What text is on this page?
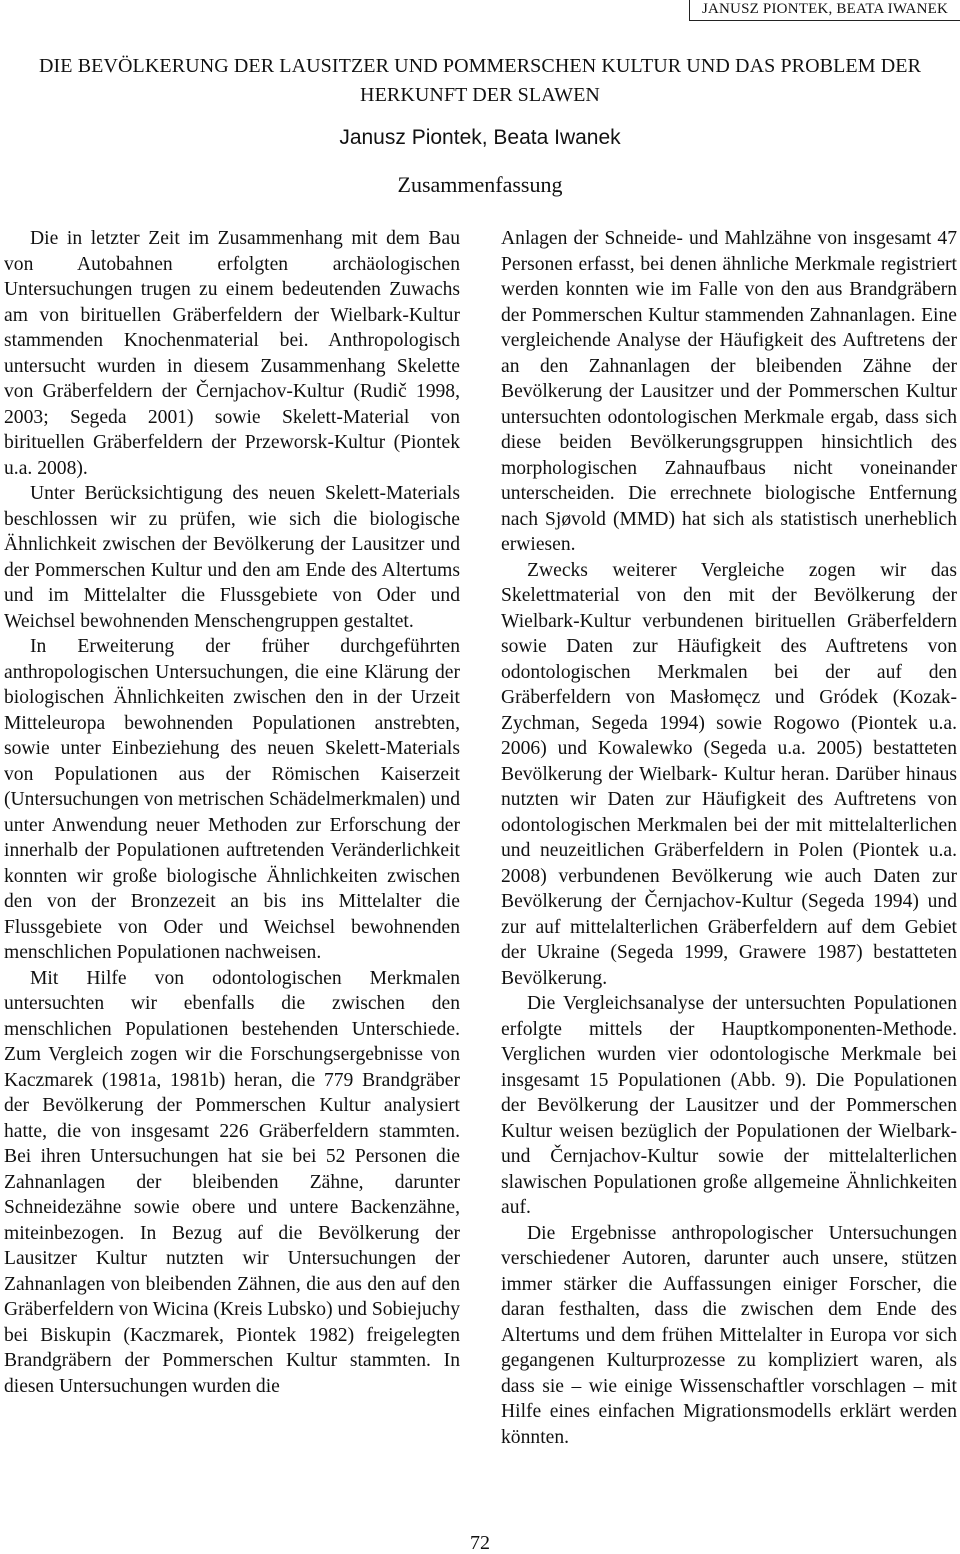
JANUSZ PIONTEK, BEATA IWANEK
DIE BEVÖLKERUNG DER LAUSITZER UND POMMERSCHEN KULTUR UND DAS PROBLEM DER HERKUNFT DER SLAWEN
Janusz Piontek, Beata Iwanek
Zusammenfassung

Die in letzter Zeit im Zusammenhang mit dem Bau von Autobahnen erfolgten archäologischen Untersuchungen trugen zu einem bedeutenden Zuwachs am von birituellen Gräberfeldern der Wielbark-Kultur stammenden Knochenmaterial bei. Anthropologisch untersucht wurden in diesem Zusammenhang Skelette von Gräberfeldern der Černjachov-Kultur (Rudič 1998, 2003; Segeda 2001) sowie Skelett-Material von birituellen Gräberfeldern der Przeworsk-Kultur (Piontek u.a. 2008).

Unter Berücksichtigung des neuen Skelett-Materials beschlossen wir zu prüfen, wie sich die biologische Ähnlichkeit zwischen der Bevölkerung der Lausitzer und der Pommerschen Kultur und den am Ende des Altertums und im Mittelalter die Flussgebiete von Oder und Weichsel bewohnenden Menschengruppen gestaltet.

In Erweiterung der früher durchgeführten anthropologischen Untersuchungen, die eine Klärung der biologischen Ähnlichkeiten zwischen den in der Urzeit Mitteleuropa bewohnenden Populationen anstrebten, sowie unter Einbeziehung des neuen Skelett-Materials von Populationen aus der Römischen Kaiserzeit (Untersuchungen von metrischen Schädelmerkmalen) und unter Anwendung neuer Methoden zur Erforschung der innerhalb der Populationen auftretenden Veränderlichkeit konnten wir große biologische Ähnlichkeiten zwischen den von der Bronzezeit an bis ins Mittelalter die Flussgebiete von Oder und Weichsel bewohnenden menschlichen Populationen nachweisen.

Mit Hilfe von odontologischen Merkmalen untersuchten wir ebenfalls die zwischen den menschlichen Populationen bestehenden Unterschiede. Zum Vergleich zogen wir die Forschungsergebnisse von Kaczmarek (1981a, 1981b) heran, die 779 Brandgräber der Bevölkerung der Pommerschen Kultur analysiert hatte, die von insgesamt 226 Gräberfeldern stammten. Bei ihren Untersuchungen hat sie bei 52 Personen die Zahnanlagen der bleibenden Zähne, darunter Schneidezähne sowie obere und untere Backenzähne, miteinbezogen. In Bezug auf die Bevölkerung der Lausitzer Kultur nutzten wir Untersuchungen der Zahnanlagen von bleibenden Zähnen, die aus den auf den Gräberfeldern von Wicina (Kreis Lubsko) und Sobiejuchy bei Biskupin (Kaczmarek, Piontek 1982) freigelegten Brandgräbern der Pommerschen Kultur stammten. In diesen Untersuchungen wurden die

Anlagen der Schneide- und Mahlzähne von insgesamt 47 Personen erfasst, bei denen ähnliche Merkmale registriert werden konnten wie im Falle von den aus Brandgräbern der Pommerschen Kultur stammenden Zahnanlagen. Eine vergleichende Analyse der Häufigkeit des Auftretens der an den Zahnanlagen der bleibenden Zähne der Bevölkerung der Lausitzer und der Pommerschen Kultur untersuchten odontologischen Merkmale ergab, dass sich diese beiden Bevölkerungsgruppen hinsichtlich des morphologischen Zahnaufbaus nicht voneinander unterscheiden. Die errechnete biologische Entfernung nach Sjøvold (MMD) hat sich als statistisch unerheblich erwiesen.

Zwecks weiterer Vergleiche zogen wir das Skelettmaterial von den mit der Bevölkerung der Wielbark-Kultur verbundenen birituellen Gräberfeldern sowie Daten zur Häufigkeit des Auftretens von odontologischen Merkmalen bei der auf den Gräberfeldern von Masłomęcz und Gródek (Kozak-Zychman, Segeda 1994) sowie Rogowo (Piontek u.a. 2006) und Kowalewko (Segeda u.a. 2005) bestatteten Bevölkerung der Wielbark- Kultur heran. Darüber hinaus nutzten wir Daten zur Häufigkeit des Auftretens von odontologischen Merkmalen bei der mit mittelalterlichen und neuzeitlichen Gräberfeldern in Polen (Piontek u.a. 2008) verbundenen Bevölkerung wie auch Daten zur Bevölkerung der Černjachov-Kultur (Segeda 1994) und zur auf mittelalterlichen Gräberfeldern auf dem Gebiet der Ukraine (Segeda 1999, Grawere 1987) bestatteten Bevölkerung.

Die Vergleichsanalyse der untersuchten Populationen erfolgte mittels der Hauptkomponenten-Methode. Verglichen wurden vier odontologische Merkmale bei insgesamt 15 Populationen (Abb. 9). Die Populationen der Bevölkerung der Lausitzer und der Pommerschen Kultur weisen bezüglich der Populationen der Wielbark- und Černjachov-Kultur sowie der mittelalterlichen slawischen Populationen große allgemeine Ähnlichkeiten auf.

Die Ergebnisse anthropologischer Untersuchungen verschiedener Autoren, darunter auch unsere, stützen immer stärker die Auffassungen einiger Forscher, die daran festhalten, dass die zwischen dem Ende des Altertums und dem frühen Mittelalter in Europa vor sich gegangenen Kulturprozesse zu kompliziert waren, als dass sie – wie einige Wissenschaftler vorschlagen – mit Hilfe eines einfachen Migrationsmodells erklärt werden könnten.

72
